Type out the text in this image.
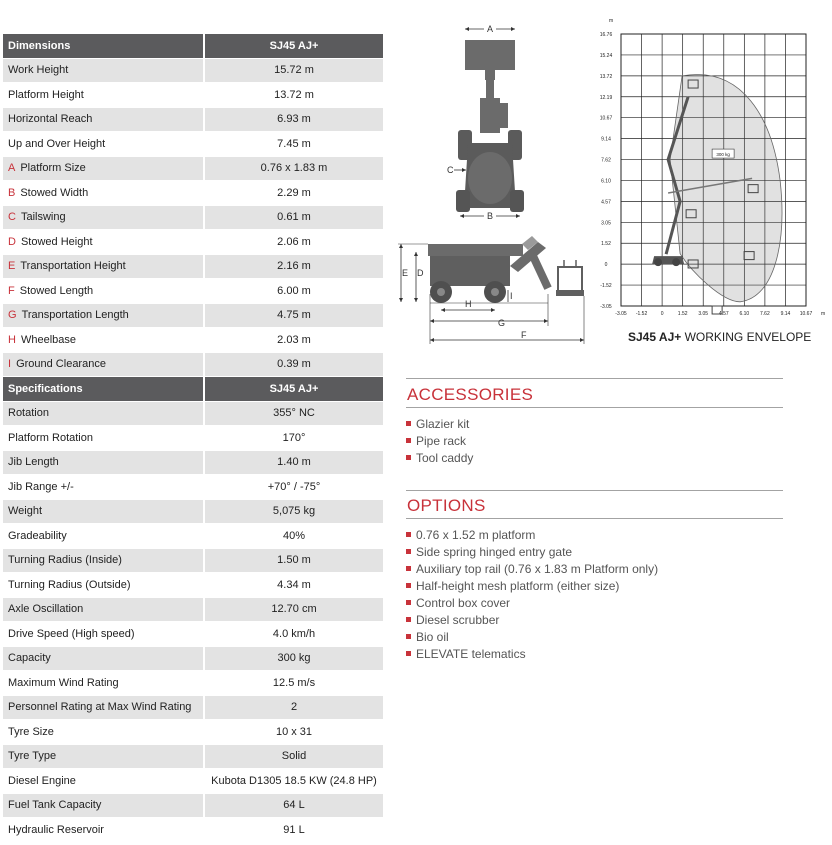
Dimensions	SJ45 AJ+
Work Height	15.72 m
Platform Height	13.72 m
Horizontal Reach	6.93 m
Up and Over Height	7.45 m
A Platform Size	0.76 x 1.83 m
B Stowed Width	2.29 m
C Tailswing	0.61 m
D Stowed Height	2.06 m
E Transportation Height	2.16 m
F Stowed Length	6.00 m
G Transportation Length	4.75 m
H Wheelbase	2.03 m
I Ground Clearance	0.39 m
Specifications	SJ45 AJ+
Rotation	355° NC
Platform Rotation	170°
Jib Length	1.40 m
Jib Range +/-	+70° / -75°
Weight	5,075 kg
Gradeability	40%
Turning Radius (Inside)	1.50 m
Turning Radius (Outside)	4.34 m
Axle Oscillation	12.70 cm
Drive Speed (High speed)	4.0 km/h
Capacity	300 kg
Maximum Wind Rating	12.5 m/s
Personnel Rating at Max Wind Rating	2
Tyre Size	10 x 31
Tyre Type	Solid
Diesel Engine	Kubota D1305 18.5 KW (24.8 HP)
Fuel Tank Capacity	64 L
Hydraulic Reservoir	91 L
A
C
B
E D
I
H
G
F
300 kg
16.76
15.24
13.72
12.19
10.67
9.14
7.62
6.10
4.57
3.05
1.52
0
-1.52
-3.05
-3.05 -1.52	0	1.52 3.05 4.57 6.10 7.62 9.14 10.67
m
m
SJ45 AJ+ WORKING ENVELOPE
ACCESSORIES
Glazier kit
Pipe rack
Tool caddy
OPTIONS
0.76 x 1.52 m platform
Side spring hinged entry gate
Auxiliary top rail (0.76 x 1.83 m Platform only)
Half-height mesh platform (either size)
Control box cover
Diesel scrubber
Bio oil
ELEVATE telematics
